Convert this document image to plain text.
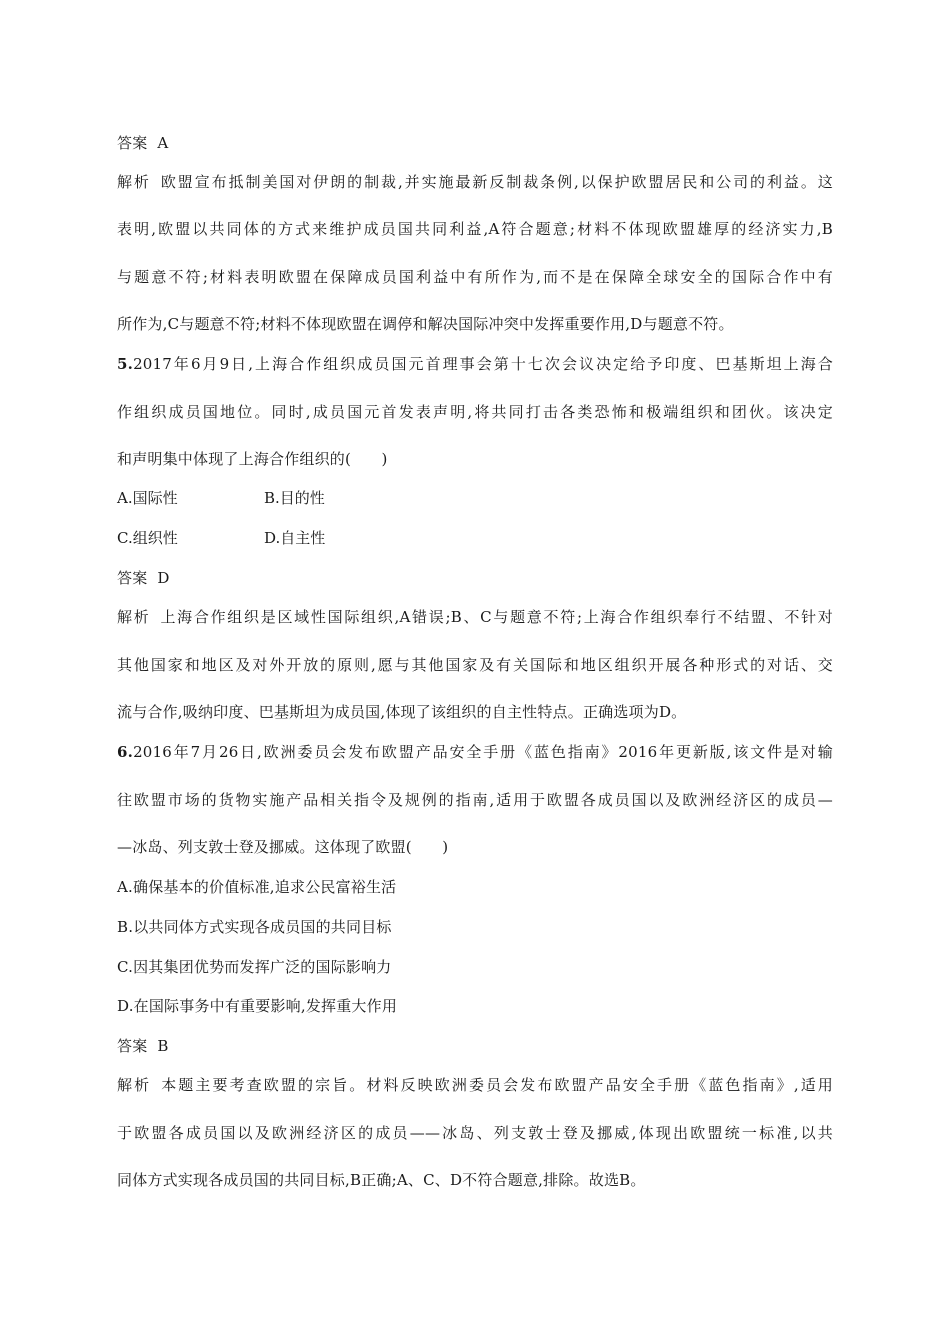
答案 A
解析 欧盟宣布抵制美国对伊朗的制裁,并实施最新反制裁条例,以保护欧盟居民和公司的利益。这
表明,欧盟以共同体的方式来维护成员国共同利益,A符合题意;材料不体现欧盟雄厚的经济实力,B
与题意不符;材料表明欧盟在保障成员国利益中有所作为,而不是在保障全球安全的国际合作中有
所作为,C与题意不符;材料不体现欧盟在调停和解决国际冲突中发挥重要作用,D与题意不符。
5.2017年6月9日,上海合作组织成员国元首理事会第十七次会议决定给予印度、巴基斯坦上海合
作组织成员国地位。同时,成员国元首发表声明,将共同打击各类恐怖和极端组织和团伙。该决定
和声明集中体现了上海合作组织的(　　)
A.国际性	B.目的性
C.组织性	D.自主性
答案 D
解析 上海合作组织是区域性国际组织,A错误;B、C与题意不符;上海合作组织奉行不结盟、不针对
其他国家和地区及对外开放的原则,愿与其他国家及有关国际和地区组织开展各种形式的对话、交
流与合作,吸纳印度、巴基斯坦为成员国,体现了该组织的自主性特点。正确选项为D。
6.2016年7月26日,欧洲委员会发布欧盟产品安全手册《蓝色指南》2016年更新版,该文件是对输
往欧盟市场的货物实施产品相关指令及规例的指南,适用于欧盟各成员国以及欧洲经济区的成员—
—冰岛、列支敦士登及挪威。这体现了欧盟(　　)
A.确保基本的价值标准,追求公民富裕生活
B.以共同体方式实现各成员国的共同目标
C.因其集团优势而发挥广泛的国际影响力
D.在国际事务中有重要影响,发挥重大作用
答案 B
解析 本题主要考查欧盟的宗旨。材料反映欧洲委员会发布欧盟产品安全手册《蓝色指南》,适用
于欧盟各成员国以及欧洲经济区的成员——冰岛、列支敦士登及挪威,体现出欧盟统一标准,以共
同体方式实现各成员国的共同目标,B正确;A、C、D不符合题意,排除。故选B。
